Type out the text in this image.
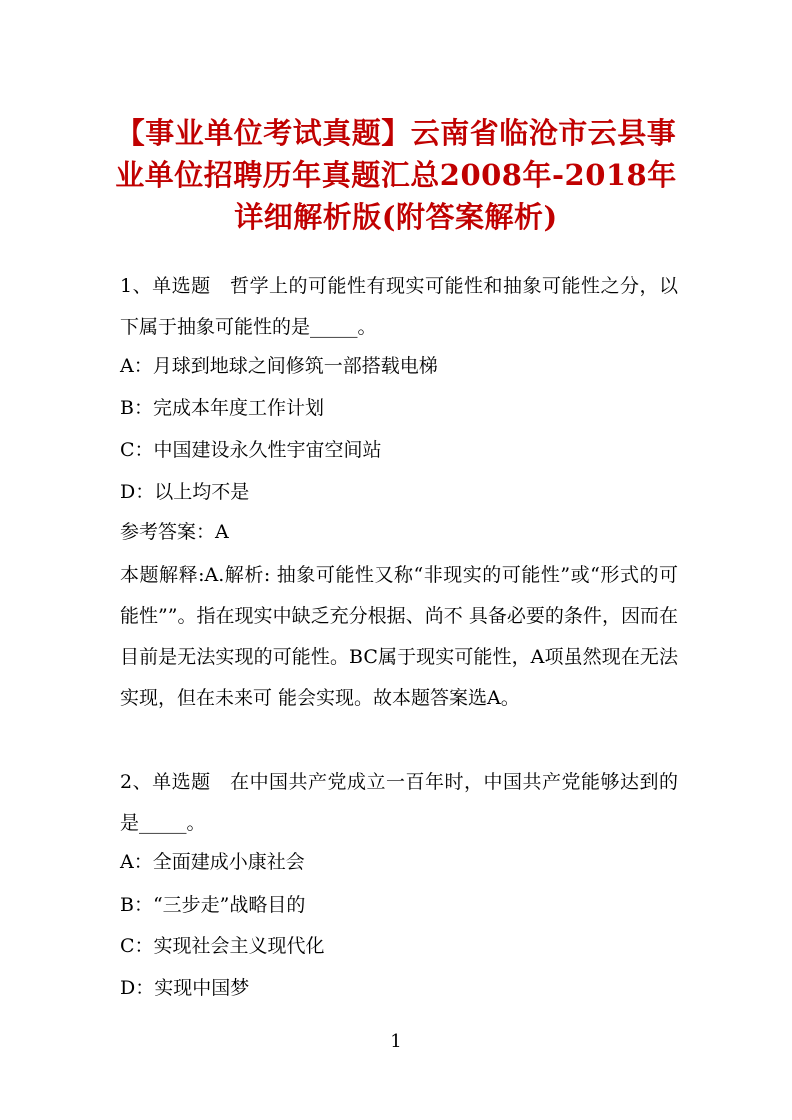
【事业单位考试真题】云南省临沧市云县事业单位招聘历年真题汇总2008年-2018年详细解析版(附答案解析)
1、单选题　哲学上的可能性有现实可能性和抽象可能性之分，以下属于抽象可能性的是_____。
A：月球到地球之间修筑一部搭载电梯
B：完成本年度工作计划
C：中国建设永久性宇宙空间站
D：以上均不是
参考答案：A
本题解释:A.解析: 抽象可能性又称“非现实的可能性”或“形式的可能性””。指在现实中缺乏充分根据、尚不 具备必要的条件，因而在目前是无法实现的可能性。BC属于现实可能性，A项虽然现在无法实现，但在未来可 能会实现。故本题答案选A。
2、单选题　在中国共产党成立一百年时，中国共产党能够达到的是_____。
A：全面建成小康社会
B：“三步走”战略目的
C：实现社会主义现代化
D：实现中国梦
1
